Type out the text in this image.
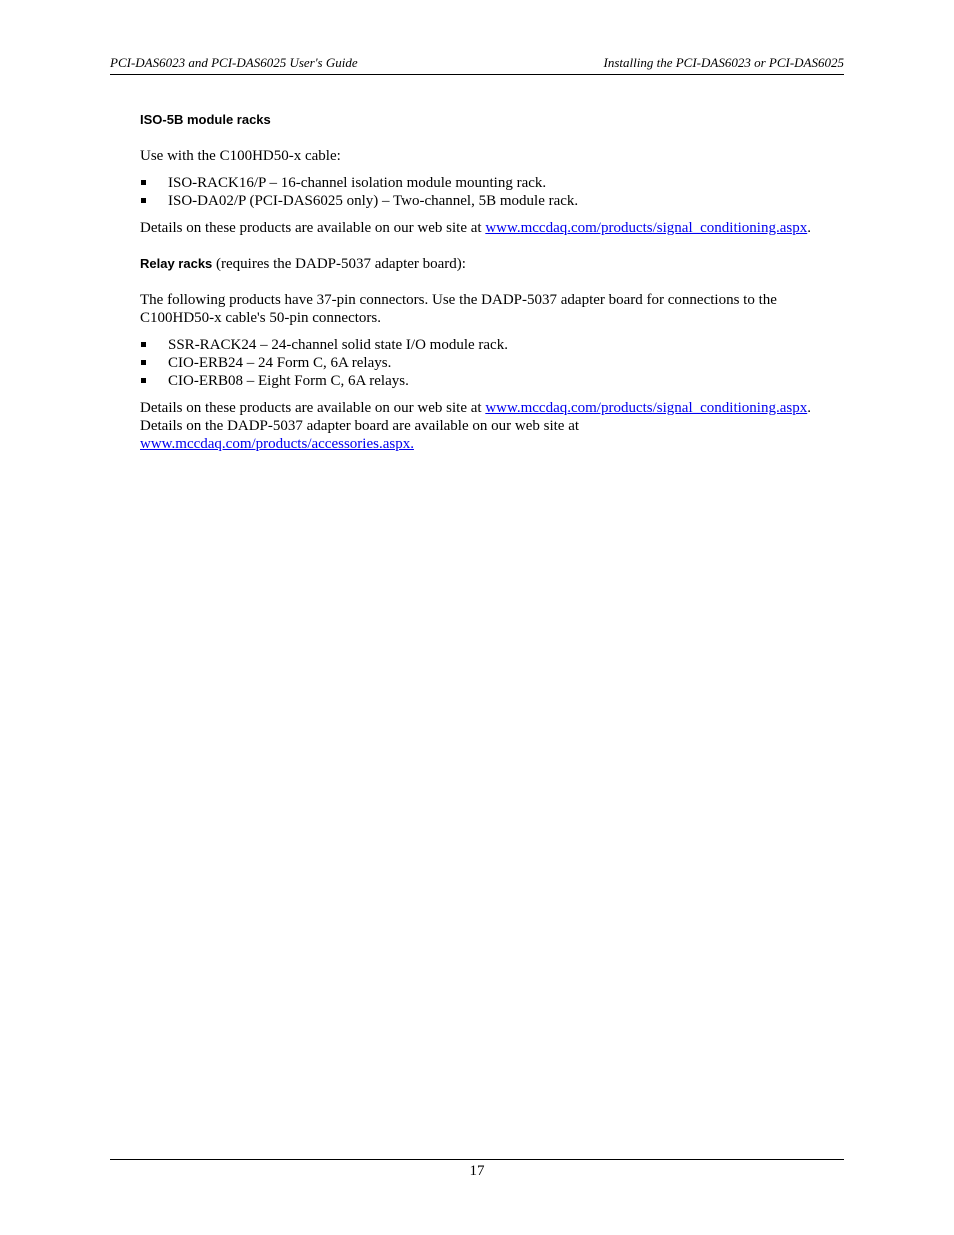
PCI-DAS6023 and PCI-DAS6025 User's Guide	Installing the PCI-DAS6023 or PCI-DAS6025

ISO-5B module racks

Use with the C100HD50-x cable:

ISO-RACK16/P – 16-channel isolation module mounting rack.
ISO-DA02/P (PCI-DAS6025 only) – Two-channel, 5B module rack.

Details on these products are available on our web site at www.mccdaq.com/products/signal_conditioning.aspx.

Relay racks (requires the DADP-5037 adapter board):

The following products have 37-pin connectors. Use the DADP-5037 adapter board for connections to the C100HD50-x cable's 50-pin connectors.

SSR-RACK24 – 24-channel solid state I/O module rack.
CIO-ERB24 – 24 Form C, 6A relays.
CIO-ERB08 – Eight Form C, 6A relays.

Details on these products are available on our web site at www.mccdaq.com/products/signal_conditioning.aspx.
Details on the DADP-5037 adapter board are available on our web site at
www.mccdaq.com/products/accessories.aspx.

17
